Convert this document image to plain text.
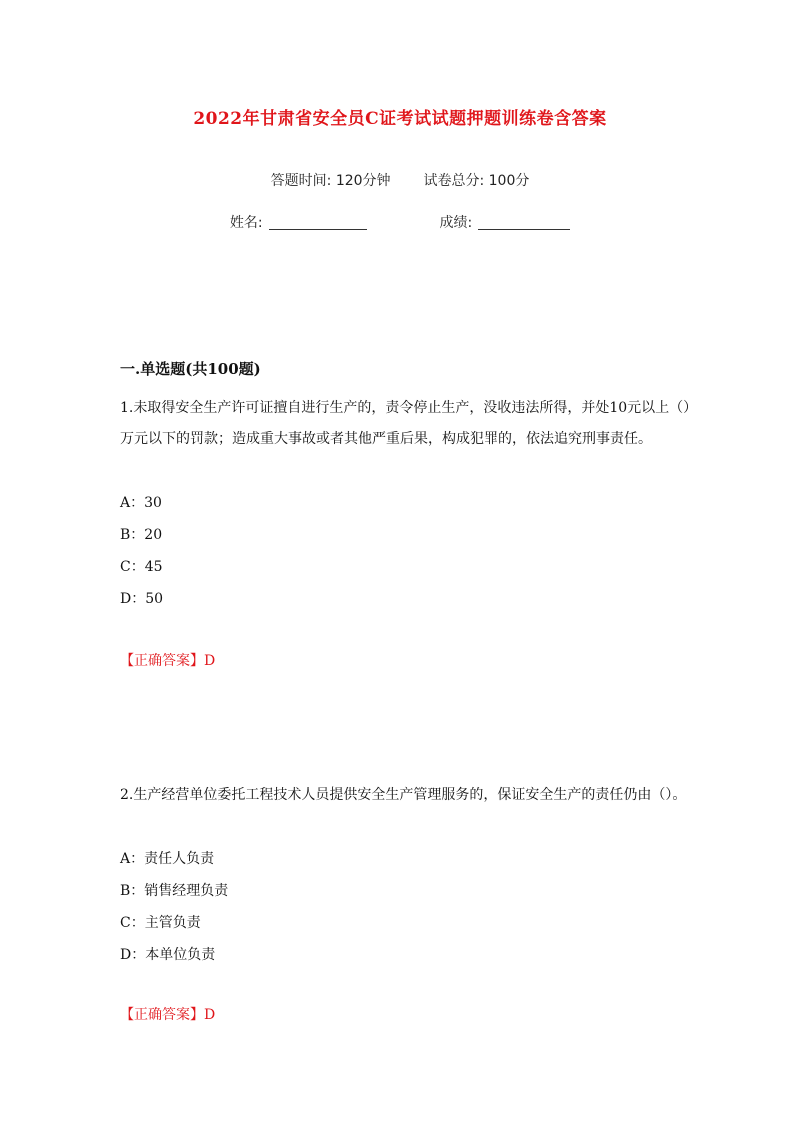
2022年甘肃省安全员C证考试试题押题训练卷含答案
答题时间: 120分钟 试卷总分: 100分
姓名:	成绩:
一.单选题(共100题)
1.未取得安全生产许可证擅自进行生产的，责令停止生产，没收违法所得，并处10元以上（）万元以下的罚款；造成重大事故或者其他严重后果，构成犯罪的，依法追究刑事责任。
A：30
B：20
C：45
D：50
【正确答案】D
2.生产经营单位委托工程技术人员提供安全生产管理服务的，保证安全生产的责任仍由（）。
A：责任人负责
B：销售经理负责
C：主管负责
D：本单位负责
【正确答案】D
